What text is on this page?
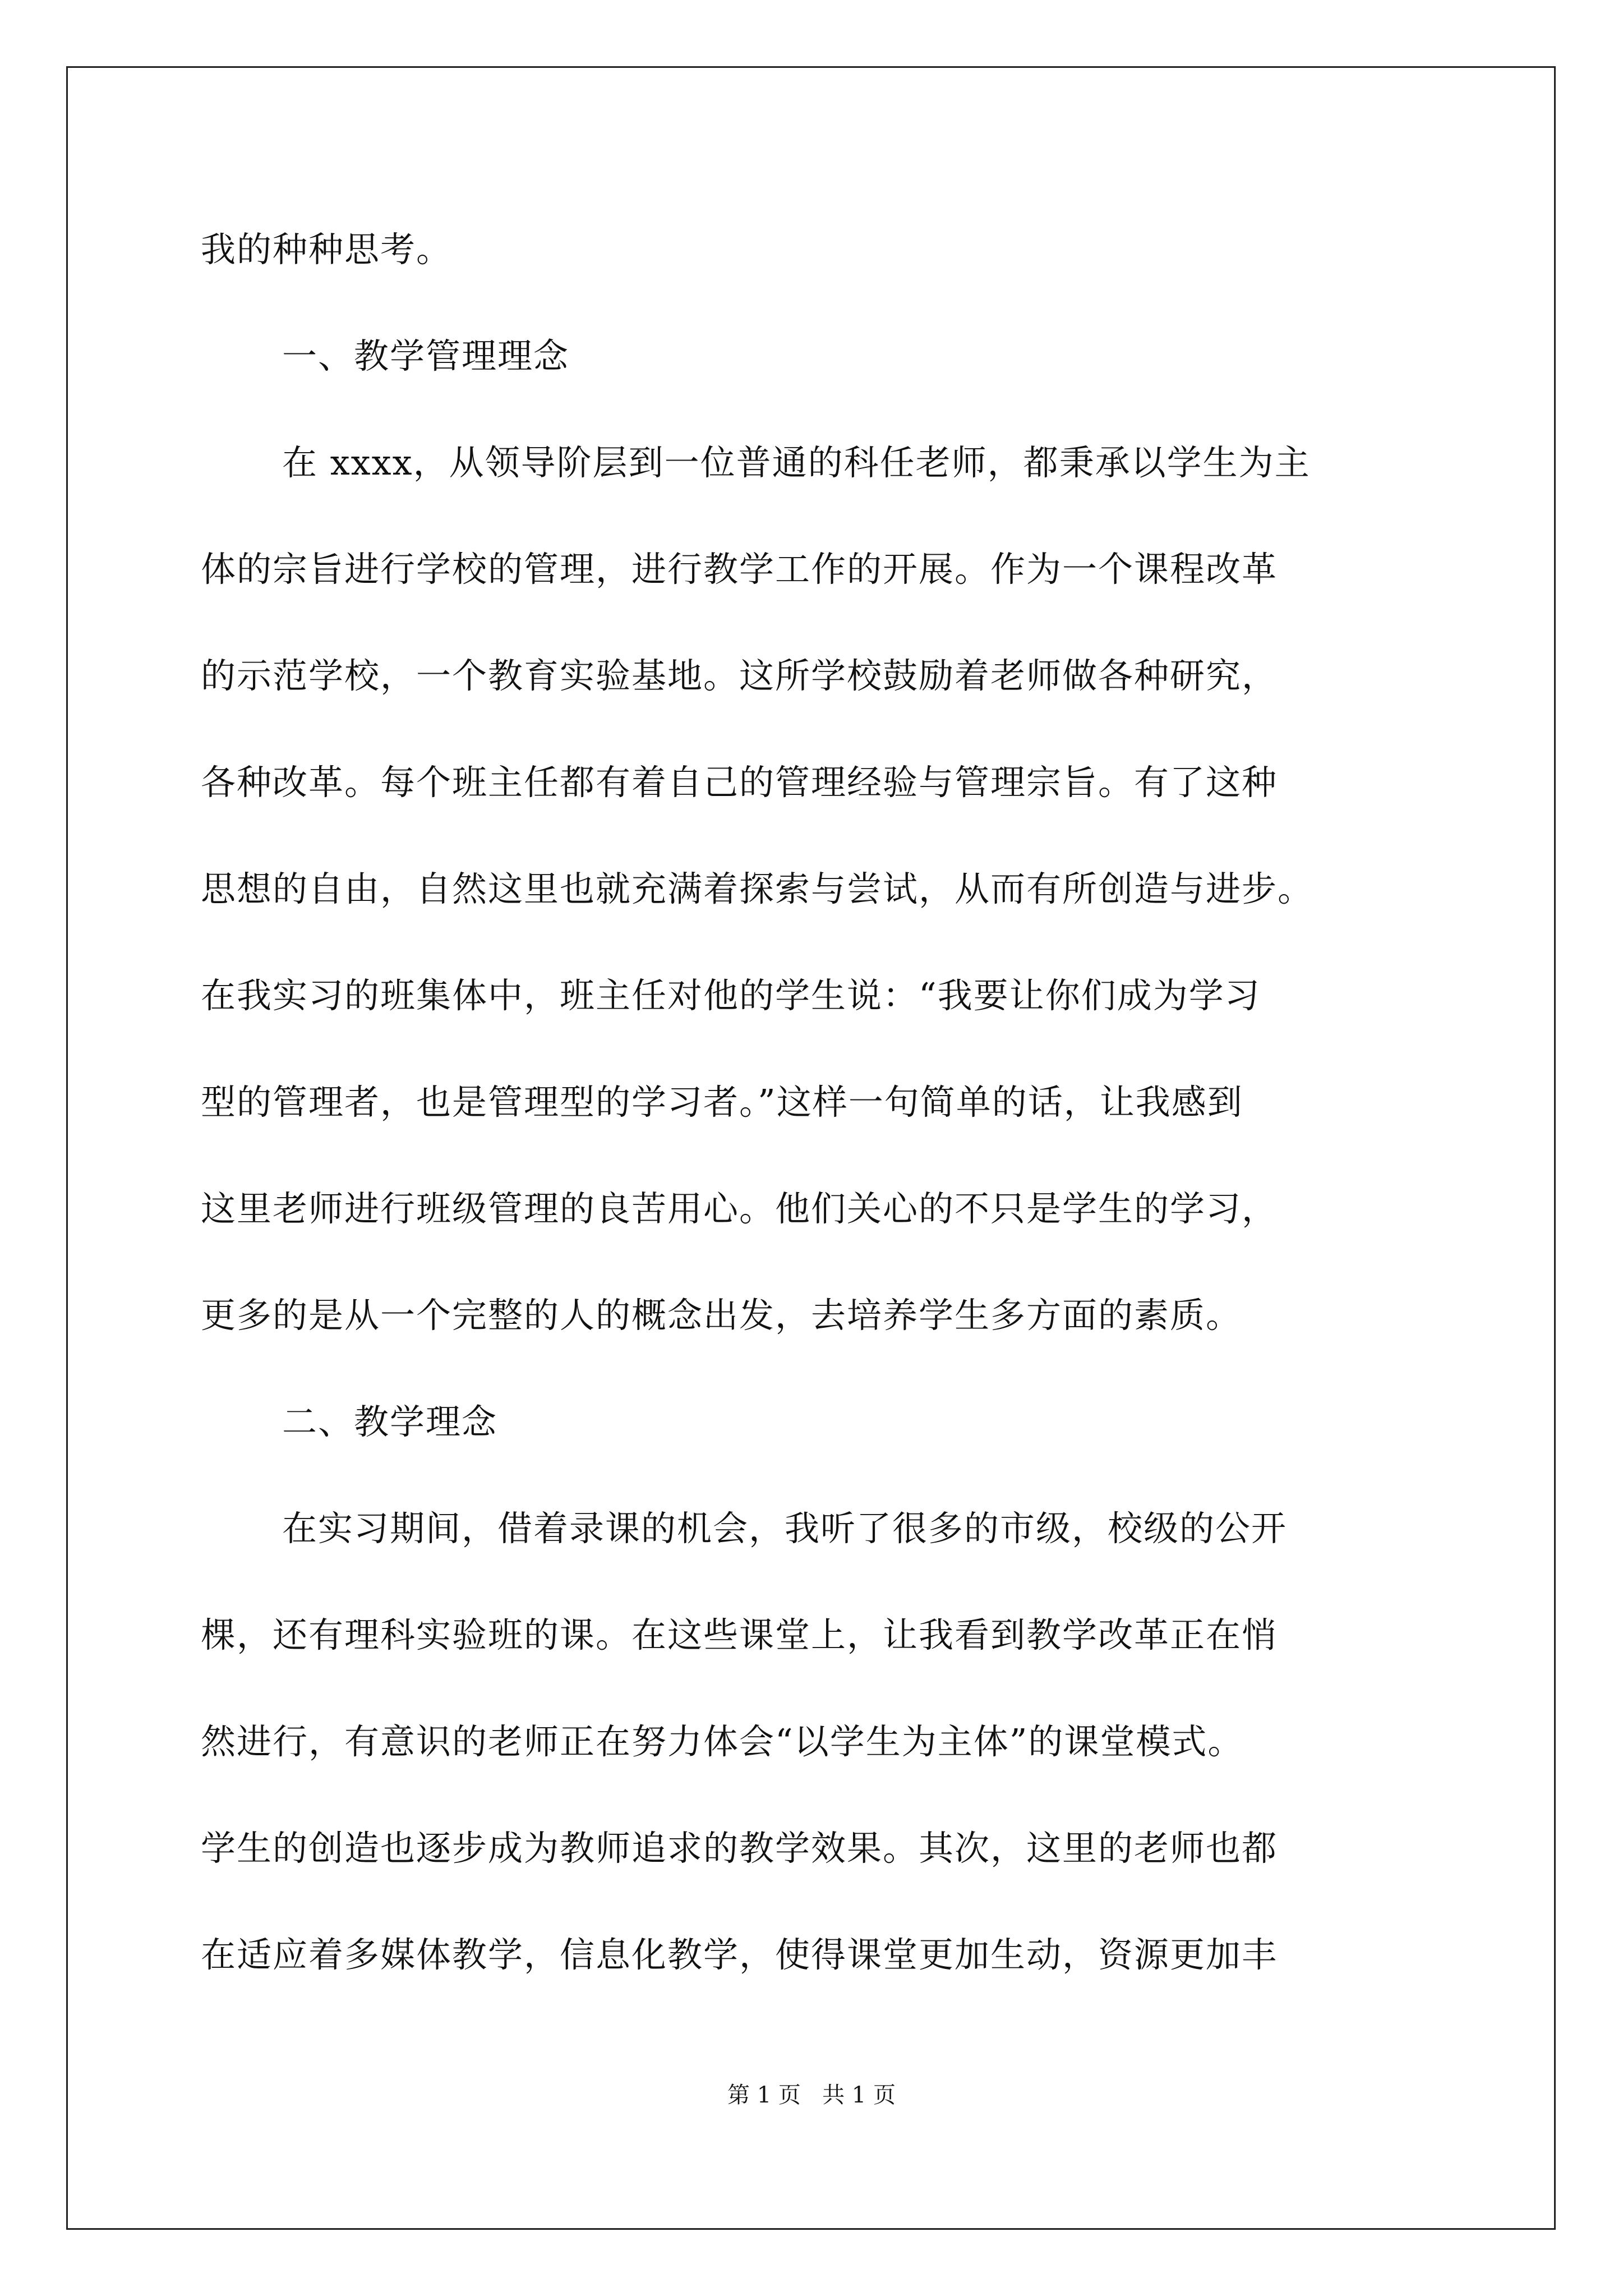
我的种种思考。
一、教学管理理念
在 xxxx，从领导阶层到一位普通的科任老师，都秉承以学生为主
体的宗旨进行学校的管理，进行教学工作的开展。作为一个课程改革
的示范学校，一个教育实验基地。这所学校鼓励着老师做各种研究，
各种改革。每个班主任都有着自己的管理经验与管理宗旨。有了这种
思想的自由，自然这里也就充满着探索与尝试，从而有所创造与进步。
在我实习的班集体中，班主任对他的学生说：“我要让你们成为学习
型的管理者，也是管理型的学习者。”这样一句简单的话，让我感到
这里老师进行班级管理的良苦用心。他们关心的不只是学生的学习，
更多的是从一个完整的人的概念出发，去培养学生多方面的素质。
二、教学理念
在实习期间，借着录课的机会，我听了很多的市级，校级的公开
棵，还有理科实验班的课。在这些课堂上，让我看到教学改革正在悄
然进行，有意识的老师正在努力体会“以学生为主体”的课堂模式。
学生的创造也逐步成为教师追求的教学效果。其次，这里的老师也都
在适应着多媒体教学，信息化教学，使得课堂更加生动，资源更加丰
第 1 页   共 1 页
